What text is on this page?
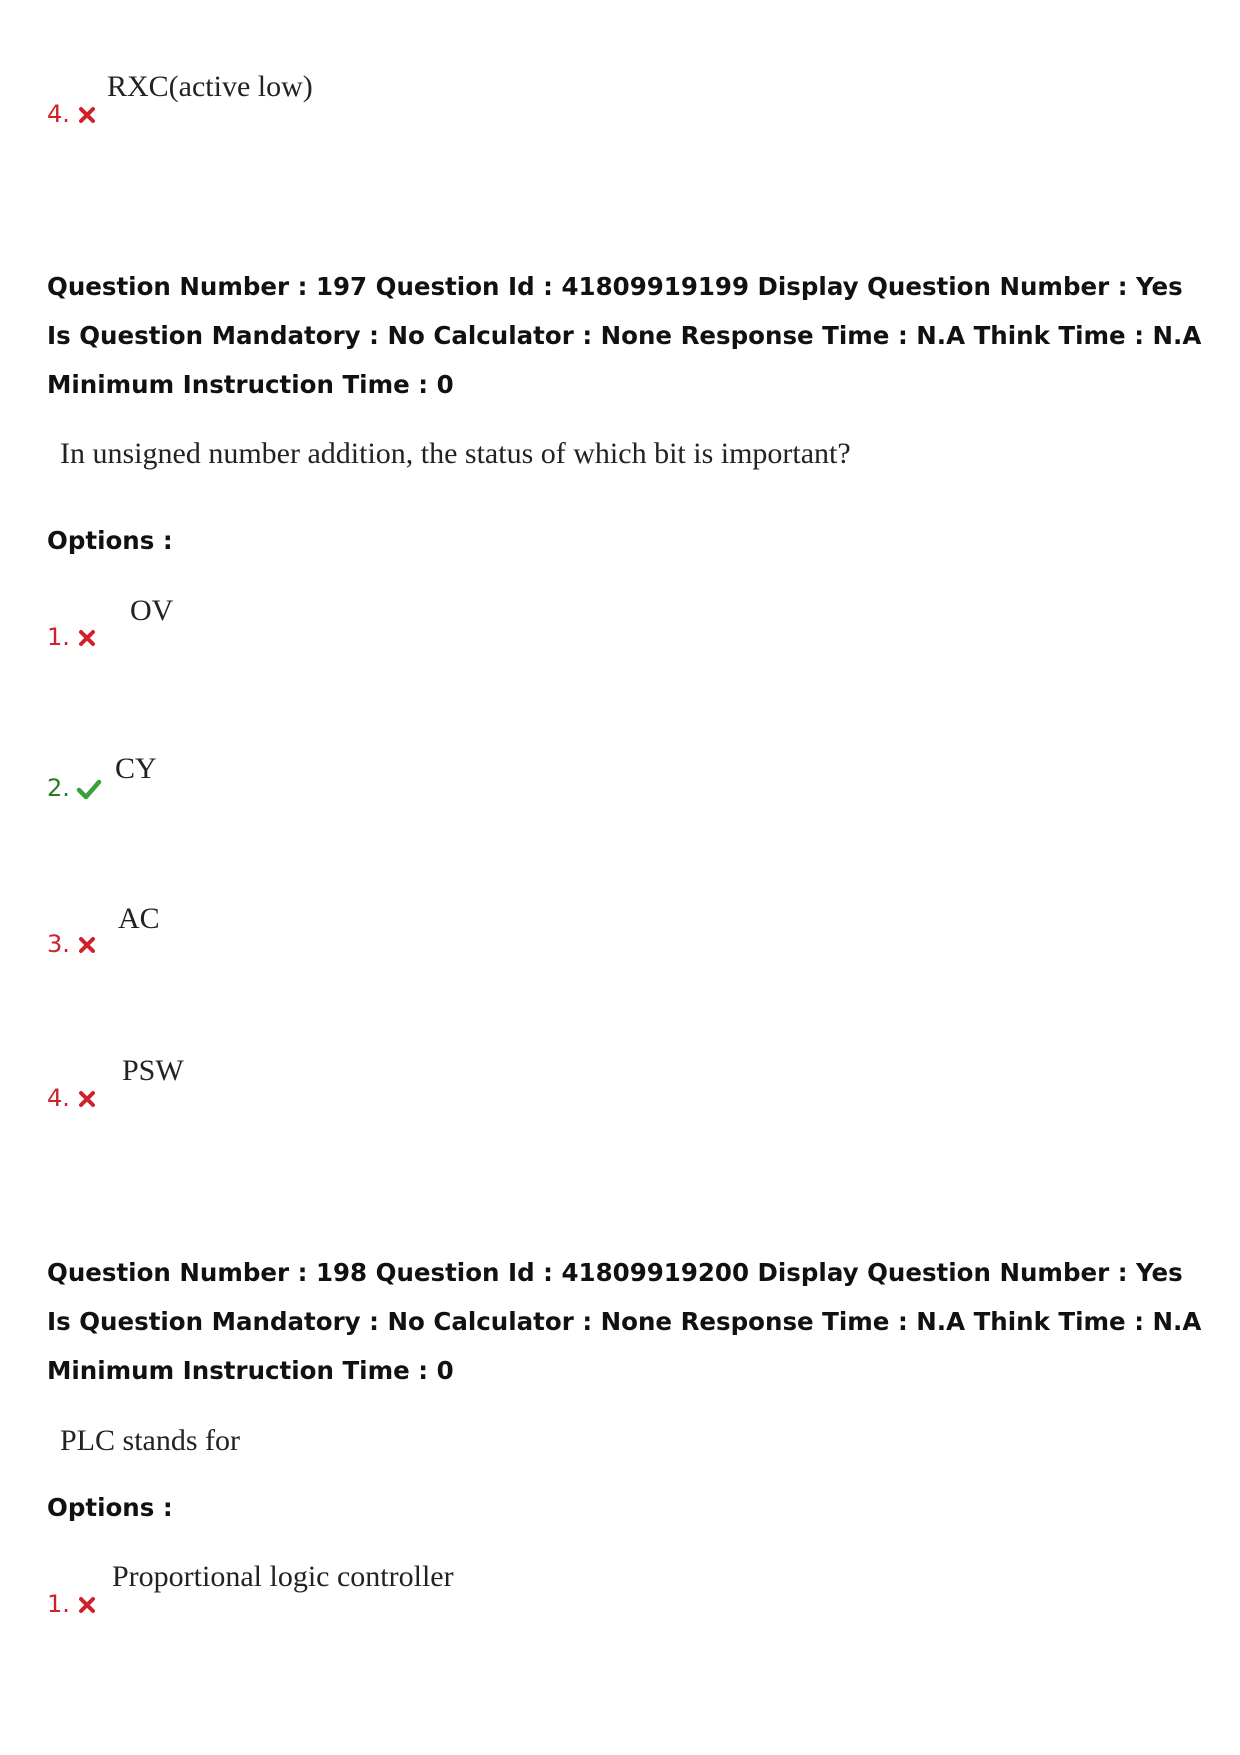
4.
RXC(active low)
Question Number : 197 Question Id : 41809919199 Display Question Number : Yes Is Question Mandatory : No Calculator : None Response Time : N.A Think Time : N.A Minimum Instruction Time : 0
In unsigned number addition, the status of which bit is important?
Options :
1.
OV
2.
CY
3.
AC
4.
PSW
Question Number : 198 Question Id : 41809919200 Display Question Number : Yes Is Question Mandatory : No Calculator : None Response Time : N.A Think Time : N.A Minimum Instruction Time : 0
PLC stands for
Options :
1.
Proportional logic controller
